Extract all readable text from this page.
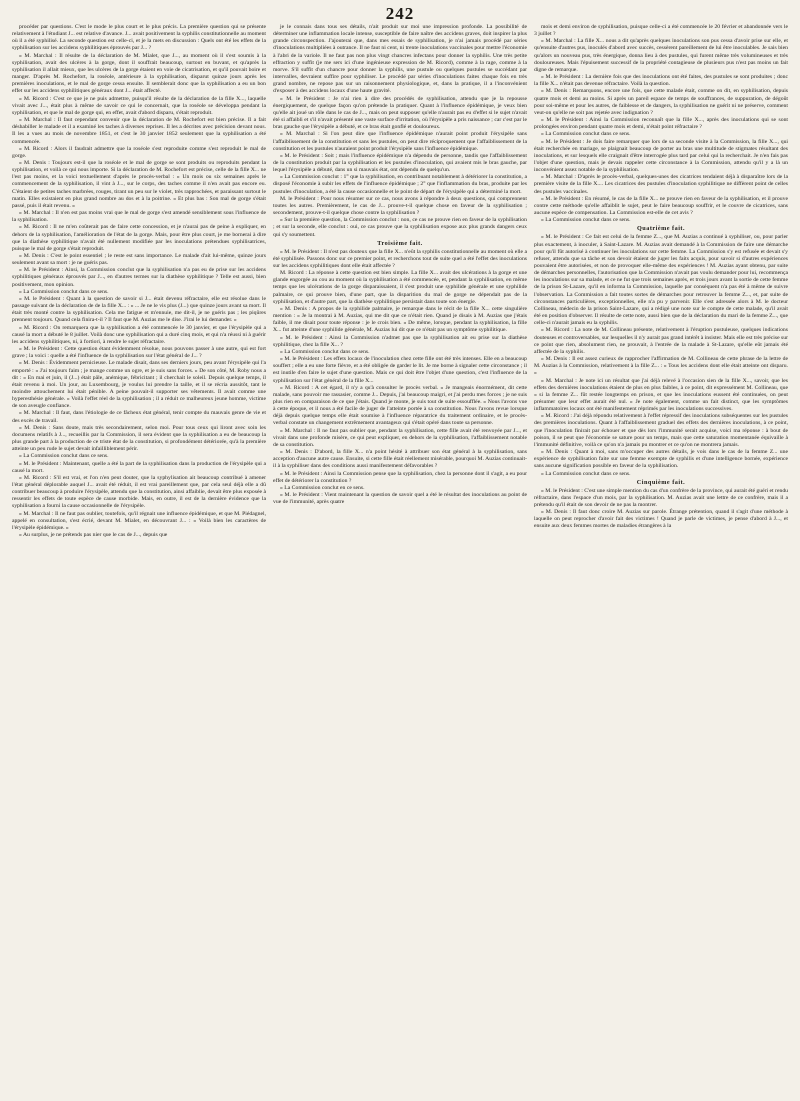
242

procéder par questions. C'est le mode le plus court et le plus précis. La première question qui se présente relativement à l'étudiant J... est relative d'avance. J... avait positivement la syphilis constitutionnelle au moment où il a été syphilisé. La seconde question est celle-ci, et je la mets en discussion : Quels ont été les effets de la syphilisation sur les accidens syphilitiques éprouvés par J... ?

» M. Marchal : Il résulte de la déclaration de M. Mialet, que J..., au moment où il s'est soumis à la syphilisation, avait des ulcères à la gorge, dont il souffrait beaucoup, surtout en buvant, et qu'après la syphilisation il allait mieux, que les ulcères de la gorge étaient en voie de cicatrisation, et qu'il pouvait boire et manger. D'après M. Rochefort, la roséole, antérieure à la syphilisation, disparut quinze jours après les premières inoculations, et le mal de gorge cessa ensuite. Il semblerait donc que la syphilisation a eu un bon effet sur les accidens syphilitiques généraux dont J... était affecté.

» M. Ricord : C'est ce que je ne puis admettre, puisqu'il résulte de la déclaration de la fille X..., laquelle vivait avec J..., était plus à même de savoir ce qui le concernait, que la roséole se développa pendant la syphilisation, et que le mal de gorge qui, en effet, avait d'abord disparu, s'était reproduit.

» M. Marchal : Il faut cependant convenir que la déclaration de M. Rochefort est bien précise. Il a fait déshabiller le malade et il a examiné les taches à diverses reprises. Il les a décrites avec précision devant nous. Il les a vues au mois de novembre 1851, et c'est le 30 janvier 1852 seulement que la syphilisation a été commencée.

» M. Ricord : Alors il faudrait admettre que la roséole s'est reproduite comme s'est reproduit le mal de gorge.

» M. Denis : Toujours est-il que la roséole et le mal de gorge se sont produits ou reproduits pendant la syphilisation, et voilà ce qui nous importe. Si la déclaration de M. Rochefort est précise, celle de la fille X... ne l'est pas moins, et la voici textuellement d'après le procès-verbal : « Un mois ou six semaines après le commencement de la syphilisation, il vint à J..., sur le corps, des taches comme il n'en avait pas encore eu. C'étaient de petites taches marbrées, rouges, tirant un peu sur le violet, très rapprochées, et paraissant surtout le matin. Elles existaient en plus grand nombre au dos et à la poitrine. » Et plus bas : Son mal de gorge s'était passé, puis il était revenu. »

» M. Marchal : Il n'en est pas moins vrai que le mal de gorge s'est amendé sensiblement sous l'influence de la syphilisation.

» M. Ricord : Il ne m'en coûterait pas de faire cette concession, et je n'aurai pas de peine à expliquer, en dehors de la syphilisation, l'amélioration de l'état de la gorge. Mais, pour être plus court, je me bornerai à dire que la diathèse syphilitique n'avait été nullement modifiée par les inoculations prétendues syphilisatrices, puisque le mal de gorge s'était reproduit.

» M. Denis : C'est le point essentiel ; le reste est sans importance. Le malade d'ait lui-même, quinze jours seulement avant sa mort : je ne guéris pas.

» M. le Président : Ainsi, la Commission conclut que la syphilisation n'a pas eu de prise sur les accidens syphilitiques généraux éprouvés par J..., en d'autres termes sur la diathèse syphilitique ? Telle est aussi, bien positivement, mon opinion.

» La Commission conclut dans ce sens.

» M. le Président : Quant à la question de savoir si J... était devenu réfractaire, elle est résolue dans le passage suivant de la déclaration de de la fille X... : « ... Je ne le vis plus (J...) que quinze jours avant sa mort. Il était très monté contre la syphilisation. Cela me fatigue et m'ennuie, me dit-il, je ne guéris pas ; les piqûres prennent toujours. Quand cela finira-t-il ? Il faut que M. Auzias me le dise. J'irai le lui demander. »

» M. Ricord : On remarquera que la syphilisation a été commencée le 30 janvier, et que l'érysipèle qui a causé la mort a débuté le 8 juillet. Voilà donc une syphilisation qui a duré cinq mois, et qui n'a réussi ni à guérir les accidens syphilitiques, ni, à fortiori, à rendre le sujet réfractaire.

» M. le Président : Cette question étant évidemment résolue, nous pouvons passer à une autre, qui est fort grave ; la voici : quelle a été l'influence de la syphilisation sur l'état général de J... ?

» M. Denis : Évidemment pernicieuse. Le malade disait, dans ses derniers jours, peu avant l'érysipèle qui l'a emporté : « J'ai toujours faim ; je mange comme un ogre, et je suis sans forces. » De son côté, M. Roby nous a dit : « En mai et juin, il (J...) était pâle, anémique, fébricitant ; il cherchait le soleil. Depuis quelque temps, il était revenu à moi. Un jour, au Luxembourg, je voulus lui prendre la taille, et il se récria aussitôt, tant le moindre attouchement lui était pénible. A peine pouvait-il supporter ses vêtements. Il avait comme une hyperesthésie générale. » Voilà l'effet réel de la syphilisation ; il a réduit ce malheureux jeune homme, victime de son aveugle confiance.

» M. Marchal : Il faut, dans l'étiologie de ce fâcheux état général, tenir compte du mauvais genre de vie et des excès de travail.

» M. Denis : Sans doute, mais très secondairement, selon moi. Pour tous ceux qui liront avec soin les documens relatifs à J..., recueillis par la Commission, il sera évident que la syphilisation a eu de beaucoup la plus grande part à la production de ce triste état de la constitution, si profondément détériorée, qu'à la première atteinte un peu rude le sujet devait infailliblement périr.

» La Commission conclut dans ce sens.

» M. le Président : Maintenant, quelle a été la part de la syphilisation dans la production de l'érysipèle qui a causé la mort.

» M. Ricord : S'il est vrai, et l'on n'en peut douter, que la syphylisation ait beaucoup contribué à amener l'état général déplorable auquel J... avait été réduit, il est vrai pareillement que, par cela seul déjà elle a dû contribuer beaucoup à produire l'érysipèle, attendu que la constitution, ainsi affaiblie, devait être plus exposée à ressentir les effets de toute espèce de cause morbide. Mais, en outre, il est de la dernière évidence que la syphilisation a fourni la cause occasionnelle de l'érysipèle.

» M. Marchal : Il ne faut pas oublier, toutefois, qu'il régnait une influence épidémique, et que M. Piédagnel, appelé en consultation, s'est écrié, devant M. Mialet, en découvrant J... : « Voilà bien les caractères de l'érysipèle épidémique. »

» Au surplus, je ne prétends pas nier que le cas de J..., depuis que

je le connais dans tous ses détails, n'ait produit sur moi une impression profonde. La possibilité de déterminer une inflammation locale intense, susceptible de faire naître des accidens graves, doit inspirer la plus grande circonspection. J'ajouterai que, dans mes essais de syphilisation, je n'ai jamais procédé par séries d'inoculations multipliées à outrance. Il ne faut ni cent, ni trente inoculations vaccinales pour mettre l'économie à l'abri de la variole. Il ne faut pas non plus vingt chancres infectans pour donner la syphilis. Une très petite effraction y suffit (je me sers ici d'une ingénieuse expression de M. Ricord), comme à la rage, comme à la morve. S'il suffit d'un chancre pour donner la syphilis, une pustule ou quelques pustules se succédant par intervalles, devraient suffire pour syphiliser. Le procédé par séries d'inoculations faites chaque fois en très grand nombre, ne repose pas sur un raisonnement physiologique, et, dans la pratique, il a l'inconvénient d'exposer à des accidens locaux d'une haute gravité.

» M. le Président : Je n'ai rien à dire des procédés de syphilisation, attendu que je la repousse énergiquement, de quelque façon qu'on prétende la pratiquer. Quant à l'influence épidémique, je veux bien qu'elle ait joué un rôle dans le cas de J..., mais on peut supposer qu'elle n'aurait pas eu d'effet si le sujet n'avait été si affaibli et s'il n'avait présenté une vaste surface d'irritation, où l'érysipèle a pris naissance ; car c'est par le bras gauche que l'érysipèle a débuté, et ce bras était gonflé et douloureux.

» M. Marchal : Si l'on peut dire que l'influence épidémique n'aurait point produit l'érysipèle sans l'affaiblissement de la constitution et sans les pustules, on peut dire réciproquement que l'affaiblissement de la constitution et les pustules n'auraient point produit l'érysipèle sans l'influence épidémique.

» M. le Président : Soit ; mais l'influence épidémique n'a dépendu de personne, tandis que l'affaiblissement de la constitution produit par la syphilisation et les pustules d'inoculation, qui avaient mis le bras gauche, par lequel l'érysipèle a débuté, dans un si mauvais état, ont dépendu de quelqu'un.

» La Commission conclut : 1° que la syphilisation, en contribuant notablement à détériorer la constitution, a disposé l'économie à subir les effets de l'influence épidémique ; 2° que l'inflammation du bras, produite par les pustules d'inoculation, a été la cause occasionnelle et le point de départ de l'érysipèle qui a déterminé la mort.

M. le Président : Pour nous résumer sur ce cas, nous avons à répondre à deux questions, qui comprennent toutes les autres. Premièrement, le cas de J... prouve-t-il quelque chose en faveur de la syphilisation ; secondement, prouve-t-il quelque chose contre la syphilisation ?

» Sur la première question, la Commission conclut : non, ce cas ne prouve rien en faveur de la syphilisation ; et sur la seconde, elle conclut : oui, ce cas prouve que la syphilisation expose aux plus grands dangers ceux qui s'y soumettent.

Troisième fait.

» M. le Président : Il n'est pas douteux que la fille X... n'eût la syphilis constitutionnelle au moment où elle a été syphilisée. Passons donc sur ce premier point, et recherchons tout de suite quel a été l'effet des inoculations sur les accidens syphilitiques dont elle était affectée ?

M. Ricord : La réponse à cette question est bien simple. La fille X... avait des ulcérations à la gorge et une glande engorgée au cou au moment où la syphilisation a été commencée, et, pendant la syphilisation, en même temps que les ulcérations de la gorge disparaissaient, il s'est produit une syphilide générale et une syphilide palmaire, ce qui prouve bien, d'une part, que la disparition du mal de gorge ne dépendait pas de la syphilisation, et d'autre part, que la diathèse syphilitique persistait dans toute son énergie.

» M. Denis : A propos de la syphilide palmaire, je remarque dans le récit de la fille X... cette singulière mention : « Je la montrai à M. Auzias, qui me dit que ce n'était rien. Quand je disais à M. Auzias que j'étais faible, il me disait pour toute réponse : je le crois bien. » De même, lorsque, pendant la syphilisation, la fille X... fut atteinte d'une syphilide générale, M. Auzias lui dit que ce n'était pas un symptôme syphilitique.

» M. le Président : Ainsi la Commission n'admet pas que la syphilisation ait eu prise sur la diathèse syphilitique, chez la fille X... ?

» La Commission conclut dans ce sens.

» M. le Président : Les effets locaux de l'inoculation chez cette fille ont été très intenses. Elle en a beaucoup souffert ; elle a eu une forte fièvre, et a été obligée de garder le lit. Je me borne à signaler cette circonstance ; il est inutile d'en faire le sujet d'une question. Mais ce qui doit être l'objet d'une question, c'est l'influence de la syphilisation sur l'état général de la fille X...

» M. Ricord : A cet égard, il n'y a qu'à consulter le procès verbal. « Je mangeais énormément, dit cette malade, sans pouvoir me rassasier, comme J... Depuis, j'ai beaucoup maigri, et j'ai perdu mes forces ; je ne suis plus rien en comparaison de ce que j'étais. Quand je monte, je suis tout de suite essoufflée. » Nous l'avons vue à cette époque, et il nous a été facile de juger de l'atteinte portée à sa constitution. Nous l'avons revue lorsque déjà depuis quelque temps elle était soumise à l'influence réparatrice du traitement ordinaire, et le procès-verbal constate un changement extrêmement avantageux qui s'était opéré dans toute sa personne.

» M. Marchal : Il ne faut pas oublier que, pendant la syphilisation, cette fille avait été renvoyée par J..., et vivait dans une profonde misère, ce qui peut expliquer, en dehors de la syphilisation, l'affaiblissement notable de sa constitution.

» M. Denis : D'abord, la fille X... n'a point hésité à attribuer son état général à la syphilisation, sans acception d'aucune autre cause. Ensuite, si cette fille était réellement misérable, pourquoi M. Auzias continuait-il à la syphiliser dans des conditions aussi manifestement défavorables ?

» M. le Président : Ainsi la Commission pense que la syphilisation, chez la personne dont il s'agit, a eu pour effet de détériorer la constitution ?

» La Commission conclut en ce sens.

» M. le Président : Vient maintenant la question de savoir quel a été le résultat des inoculations au point de vue de l'immunité, après quatre

mois et demi environ de syphilisation, puisque celle-ci a été commencée le 20 février et abandonnée vers le 3 juillet ?

» M. Marchal : La fille X... nous a dit qu'après quelques inoculations son pus cessa d'avoir prise sur elle, et qu'ensuite d'autres pus, inoculés d'abord avec succès, cessèrent pareillement de lui être inoculables. Je sais bien qu'alors un nouveau pus, très énergique, donna lieu à des pustules, qui furent même très volumineuses et très douloureuses. Mais l'épuisement successif de la propriété contagieuse de plusieurs pus n'est pas moins un fait digne de remarque.

» M. le Président : La dernière fois que des inoculations ont été faites, des pustules se sont produites ; donc la fille X... n'était pas devenue réfractaire. Voilà la question.

» M. Denis : Remarquons, encore une fois, que cette malade était, comme on dit, en syphilisation, depuis quatre mois et demi au moins. Si après un pareil espace de temps de souffrances, de suppuration, de dégoût pour soi-même et pour les autres, de faiblesse et de dangers, la syphilisation ne guérit ni ne préserve, comment veut-on qu'elle ne soit pas rejetée avec indignation ?

» M. le Président : Ainsi la Commission reconnaît que la fille X..., après des inoculations qui se sont prolongées environ pendant quatre mois et demi, n'était point réfractaire ?

» La Commission conclut dans ce sens.

» M. le Président : Je dois faire remarquer que lors de sa seconde visite à la Commission, la fille X..., qui était recherchée en mariage, se plaignait beaucoup de porter au bras une multitude de stigmates résultant des inoculations, et sur lesquels elle craignait d'être interrogée plus tard par celui qui la recherchait. Je n'en fais pas l'objet d'une question, mais je devais rappeler cette circonstance à la Commission, attendu qu'il y a là un inconvénient assez notable de la syphilisation.

» M. Marchal : D'après le procès-verbal, quelques-unes des cicatrices tendaient déjà à disparaître lors de la première visite de la fille X.... Les cicatrices des pustules d'inoculation syphilitique ne diffèrent point de celles des pustules vaccinales.

» M. le Président : En résumé, le cas de la fille X... ne prouve rien en faveur de la syphilisation, et il prouve contre cette méthode qu'elle affaiblit le sujet, peut le faire beaucoup souffrir, et le couvre de cicatrices, sans aucune espèce de compensation. La Commission est-elle de cet avis ?

» La Commission conclut dans ce sens.

Quatrième fait.

» M. le Président : Ce fait est celui de la femme Z..., que M. Auzias a continué à syphiliser, ou, pour parler plus exactement, à inoculer, à Saint-Lazare. M. Auzias avait demandé à la Commission de faire une démarche pour qu'il fût autorisé à continuer les inoculations sur cette femme. La Commission s'y est refusée et devait s'y refuser, attendu que sa tâche et son devoir étaient de juger les faits acquis, pour savoir si d'autres expériences pouvaient être autorisées, et non de provoquer elle-même des expériences ! M. Auzias ayant obtenu, par suite de démarches personnelles, l'autorisation que la Commission n'avait pas voulu demander pour lui, recommença les inoculations sur sa malade, et ce ne fut que trois semaines après, et trois jours avant la sortie de cette femme de la prison St-Lazare, qu'il en informa la Commission, laquelle par conséquent n'a pas été à même de suivre l'observation. La Commission a fait toutes sortes de démarches pour retrouver la femme Z..., et, par suite de circonstances particulières, exceptionnelles, elle n'a pu y parvenir. Elle s'est adressée alors à M. le docteur Collineau, médecin de la prison Saint-Lazare, qui a rédigé une note sur le compte de cette malade, qu'il avait été en position d'observer. Il résulte de cette note, aussi bien que de la déclaration du mari de la femme Z..., que celle-ci n'aurait jamais eu la syphilis.

» M. Ricord : La note de M. Collineau présente, relativement à l'éruption pustuleuse, quelques indications douteuses et controversables, sur lesquelles il n'y aurait pas grand intérêt à insister. Mais elle est très précise sur ce point que rien, absolument rien, ne prouvait, à l'entrée de la malade à St-Lazare, qu'elle eût jamais été affectée de la syphilis.

» M. Denis : Il est assez curieux de rapprocher l'affirmation de M. Collineau de cette phrase de la lettre de M. Auzias à la Commission, relativement à la fille Z... : « Tous les accidens dont elle était atteinte ont disparu. »

» M. Marchal : Je note ici un résultat que j'ai déjà relevé à l'occasion sien de la fille X..., savoir, que les effets des dernières inoculations étaient de plus en plus faibles, à ce point, dit expressément M. Collineau, que « si la femme Z... fût restée longtemps en prison, et que les inoculations eussent été continuées, on peut présumer que leur effet aurait été nul. » Je note également, comme un fait distinct, que les symptômes inflammatoires locaux ont été manifestement réprimés par les inoculations successives.

» M. Ricord : J'ai déjà répondu relativement à l'effet répressif des inoculations subséquentes sur les pustules des premières inoculations. Quant à l'affaiblissement graduel des effets des dernières inoculations, à ce point, que l'inoculation finirait par échouer et que dès lors l'immunité serait acquise, voici ma réponse : à bout de poison, il se peut que l'économie se sature pour un temps, mais que cette saturation momentanée équivaille à l'immunité définitive, voilà ce qu'on n'a jamais pu montrer et ce qu'on ne montrera jamais.

» M. Denis : Quant à moi, sans m'occuper des autres détails, je vois dans le cas de la femme Z... une expérience de syphilisation faite sur une femme exempte de syphilis et d'une intelligence bornée, expérience sans aucune signification possible en faveur de la syphilisation.

» La Commission conclut dans ce sens.

Cinquième fait.

» M. le Président : C'est une simple mention du cas d'un confrère de la province, qui aurait été guéri et rendu réfractaire, dans l'espace d'un mois, par la syphilisation. M. Auzias avait une lettre de ce confrère, mais il a prétendu qu'il était de son devoir de ne pas la montrer.

» M. Denis : Il faut donc croire M. Auzias sur parole. Étrange prétention, quand il s'agit d'une méthode à laquelle on peut reprocher d'avoir fait des victimes ! Quand je parle de victimes, je pense d'abord à J..., et ensuite aux deux femmes mortes de maladies étrangères à la
